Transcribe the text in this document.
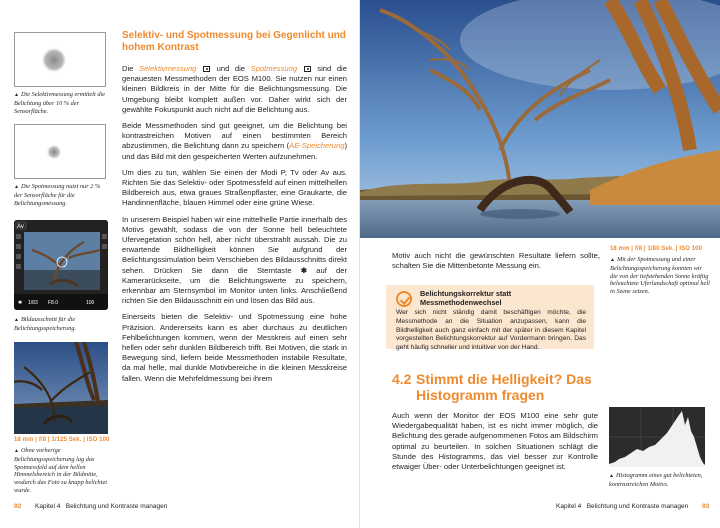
▲ Die Selektivmessung ermittelt die Belichtung über 10 % der Sensorfläche.
▲ Die Spotmessung nutzt nur 2 % der Sensorfläche für die Belichtungsmessung.
Av
✱ 1/83 F8.0	100
▲ Bildausschnitt für die Belichtungsspeicherung.
18 mm | f/8 | 1/125 Sek. | ISO 100
▲ Ohne vorherige Belichtungsspeicherung lag das Spotmessfeld auf dem hellen Himmelsbereich in der Bildmitte, wodurch das Foto zu knapp belichtet wurde.
Selektiv- und Spotmessung bei Gegenlicht und hohem Kontrast

Die Selektivmessung  und die Spotmessung  sind die genauesten Messmethoden der EOS M100. Sie nutzen nur einen kleinen Bildkreis in der Mitte für die Belichtungsmessung. Die Umgebung bleibt komplett außen vor. Daher wirkt sich der gewählte Fokuspunkt auch nicht auf die Belichtung aus.

Beide Messmethoden sind gut geeignet, um die Belichtung bei kontrastreichen Motiven auf einen bestimmten Bereich abzustimmen, die Belichtung dann zu speichern (AE-Speicherung) und das Bild mit den gespeicherten Werten aufzunehmen.

Um dies zu tun, wählen Sie einen der Modi P, Tv oder Av aus. Richten Sie das Selektiv- oder Spotmessfeld auf einen mittelhellen Bildbereich aus, etwa graues Straßenpflaster, eine Graukarte, die Handinnenfläche, blauen Himmel oder eine grüne Wiese.

In unserem Beispiel haben wir eine mittelhelle Partie innerhalb des Motivs gewählt, sodass die von der Sonne hell beleuchtete Ufervegetation schön hell, aber nicht überstrahlt aussah. Die zu erwartende Bildhelligkeit können Sie aufgrund der Belichtungssimulation beim Verschieben des Bildausschnitts direkt sehen. Drücken Sie dann die Sterntaste ✱ auf der Kamerarückseite, um die Belichtungswerte zu speichern, erkennbar am Sternsymbol im Monitor unten links. Anschließend richten Sie den Bildausschnitt ein und lösen das Bild aus.

Einerseits bieten die Selektiv- und Spotmessung eine hohe Präzision. Andererseits kann es aber durchaus zu deutlichen Fehlbelichtungen kommen, wenn der Messkreis auf einen sehr hellen oder sehr dunklen Bildbereich trifft. Bei Motiven, die stark in Bewegung sind, liefern beide Messmethoden instabile Resultate, da mal helle, mal dunkle Motivbereiche in die kleinen Messkreise fallen. Wenn die Mehrfeldmessung bei ihrem

92 Kapitel 4   Belichtung und Kontraste managen
18 mm | f/8 | 1/80 Sek. | ISO 100
▲ Mit der Spotmessung und einer Belichtungsspeicherung konnten wir die von der tiefstehenden Sonne kräftig beleuchtete Uferlandschaft optimal hell in Szene setzen.

Motiv auch nicht die gewünschten Resultate liefern sollte, schalten Sie die Mittenbetonte Messung ein.

Belichtungskorrektur statt Messmethodenwechsel
Wer sich nicht ständig damit beschäftigen möchte, die Messmethode an die Situation anzupassen, kann die Bildhelligkeit auch ganz einfach mit der später in diesem Kapitel vorgestellten Belichtungskorrektur auf Vordermann bringen. Das geht häufig schneller und intuitiver von der Hand.
4.2 Stimmt die Helligkeit? Das Histogramm fragen

Auch wenn der Monitor der EOS M100 eine sehr gute Wiedergabequalität haben, ist es nicht immer möglich, die Belichtung des gerade aufgenommenen Fotos am Bildschirm optimal zu beurteilen. In solchen Situationen schlägt die Stunde des Histogramms, das viel besser zur Kontrolle etwaiger Über- oder Unterbelichtungen geeignet ist.

▲ Histogramm eines gut belichteten, kontrastreichen Motivs.
Kapitel 4   Belichtung und Kontraste managen 93
